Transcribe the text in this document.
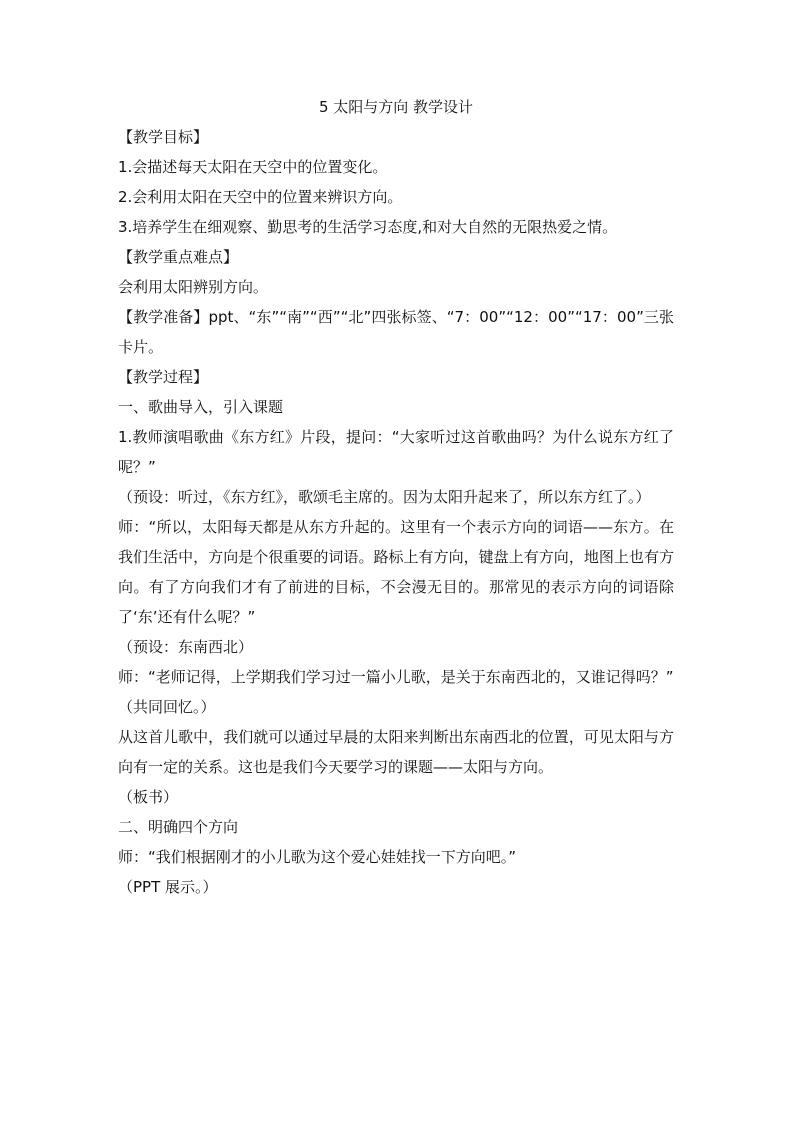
5 太阳与方向 教学设计

【教学目标】

1.会描述每天太阳在天空中的位置变化。

2.会利用太阳在天空中的位置来辨识方向。

3.培养学生在细观察、勤思考的生活学习态度,和对大自然的无限热爱之情。

【教学重点难点】

会利用太阳辨别方向。

【教学准备】ppt、“东”“南”“西”“北”四张标签、“7：00”“12：00”“17：00”三张卡片。

【教学过程】

一、歌曲导入，引入课题

1.教师演唱歌曲《东方红》片段，提问：“大家听过这首歌曲吗？为什么说东方红了呢？”

（预设：听过，《东方红》，歌颂毛主席的。因为太阳升起来了，所以东方红了。）

师：“所以，太阳每天都是从东方升起的。这里有一个表示方向的词语——东方。在我们生活中，方向是个很重要的词语。路标上有方向，键盘上有方向，地图上也有方向。有了方向我们才有了前进的目标，不会漫无目的。那常见的表示方向的词语除了‘东’还有什么呢？”

（预设：东南西北）

师：“老师记得，上学期我们学习过一篇小儿歌，是关于东南西北的，又谁记得吗？”

（共同回忆。）

从这首儿歌中，我们就可以通过早晨的太阳来判断出东南西北的位置，可见太阳与方向有一定的关系。这也是我们今天要学习的课题——太阳与方向。

（板书）

二、明确四个方向

师：“我们根据刚才的小儿歌为这个爱心娃娃找一下方向吧。”

（PPT 展示。）
